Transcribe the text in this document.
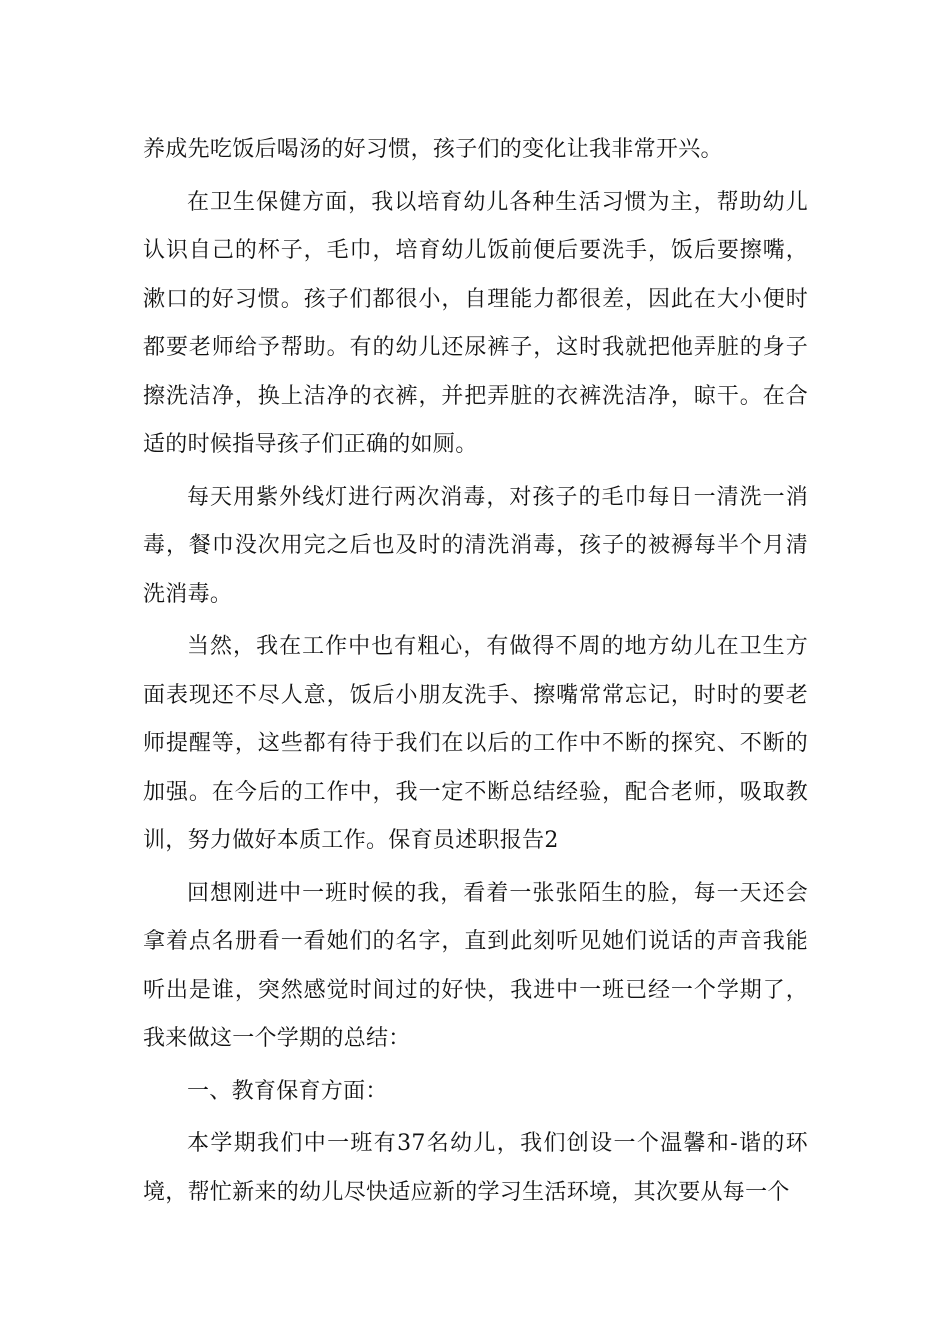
养成先吃饭后喝汤的好习惯，孩子们的变化让我非常开兴。

在卫生保健方面，我以培育幼儿各种生活习惯为主，帮助幼儿认识自己的杯子，毛巾，培育幼儿饭前便后要洗手，饭后要擦嘴，漱口的好习惯。孩子们都很小，自理能力都很差，因此在大小便时都要老师给予帮助。有的幼儿还尿裤子，这时我就把他弄脏的身子擦洗洁净，换上洁净的衣裤，并把弄脏的衣裤洗洁净，晾干。在合适的时候指导孩子们正确的如厕。

每天用紫外线灯进行两次消毒，对孩子的毛巾每日一清洗一消毒，餐巾没次用完之后也及时的清洗消毒，孩子的被褥每半个月清洗消毒。

当然，我在工作中也有粗心，有做得不周的地方幼儿在卫生方面表现还不尽人意，饭后小朋友洗手、擦嘴常常忘记，时时的要老师提醒等，这些都有待于我们在以后的工作中不断的探究、不断的加强。在今后的工作中，我一定不断总结经验，配合老师，吸取教训，努力做好本质工作。保育员述职报告2

回想刚进中一班时候的我，看着一张张陌生的脸，每一天还会拿着点名册看一看她们的名字，直到此刻听见她们说话的声音我能听出是谁，突然感觉时间过的好快，我进中一班已经一个学期了，我来做这一个学期的总结：

一、教育保育方面：

本学期我们中一班有37名幼儿，我们创设一个温馨和-谐的环境，帮忙新来的幼儿尽快适应新的学习生活环境，其次要从每一个
